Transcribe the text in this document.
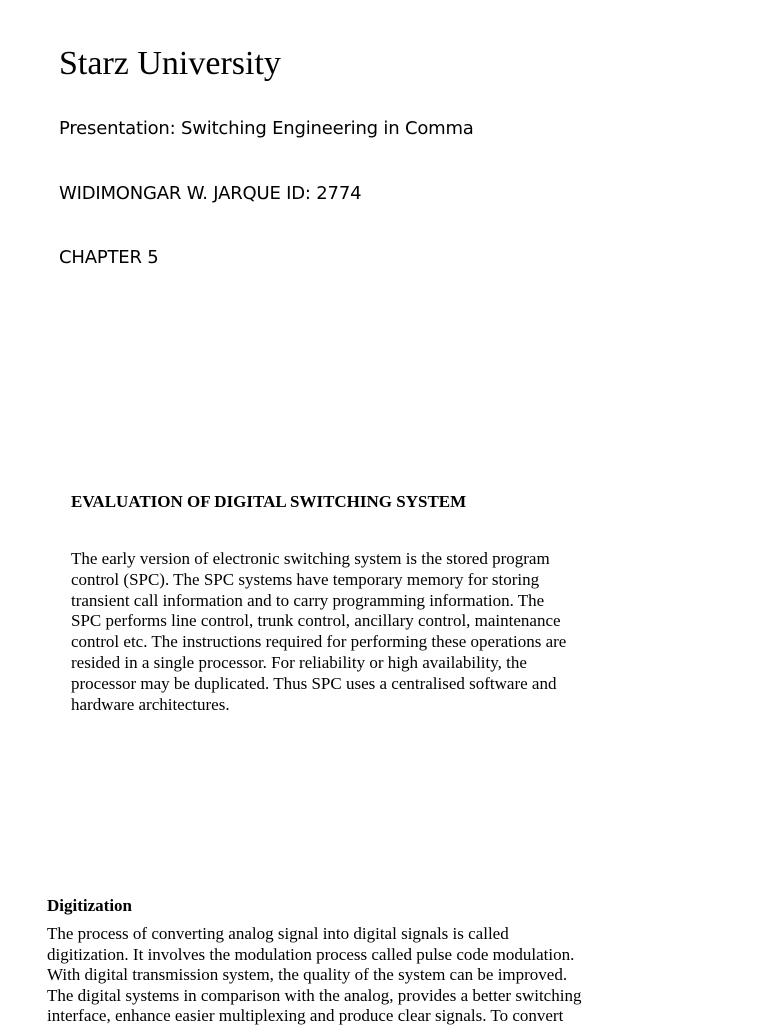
Starz University

Presentation: Switching Engineering in Comma

WIDIMONGAR W. JARQUE ID: 2774

CHAPTER 5

EVALUATION OF DIGITAL SWITCHING SYSTEM
The early version of electronic switching system is the stored program
control (SPC). The SPC systems have temporary memory for storing
transient call information and to carry programming information. The
SPC performs line control, trunk control, ancillary control, maintenance
control etc. The instructions required for performing these operations are
resided in a single processor. For reliability or high availability, the
processor may be duplicated. Thus SPC uses a centralised software and
hardware architectures.
Digitization
The process of converting analog signal into digital signals is called
digitization. It involves the modulation process called pulse code modulation.
With digital transmission system, the quality of the system can be improved.
The digital systems in comparison with the analog, provides a better switching
interface, enhance easier multiplexing and produce clear signals. To convert
